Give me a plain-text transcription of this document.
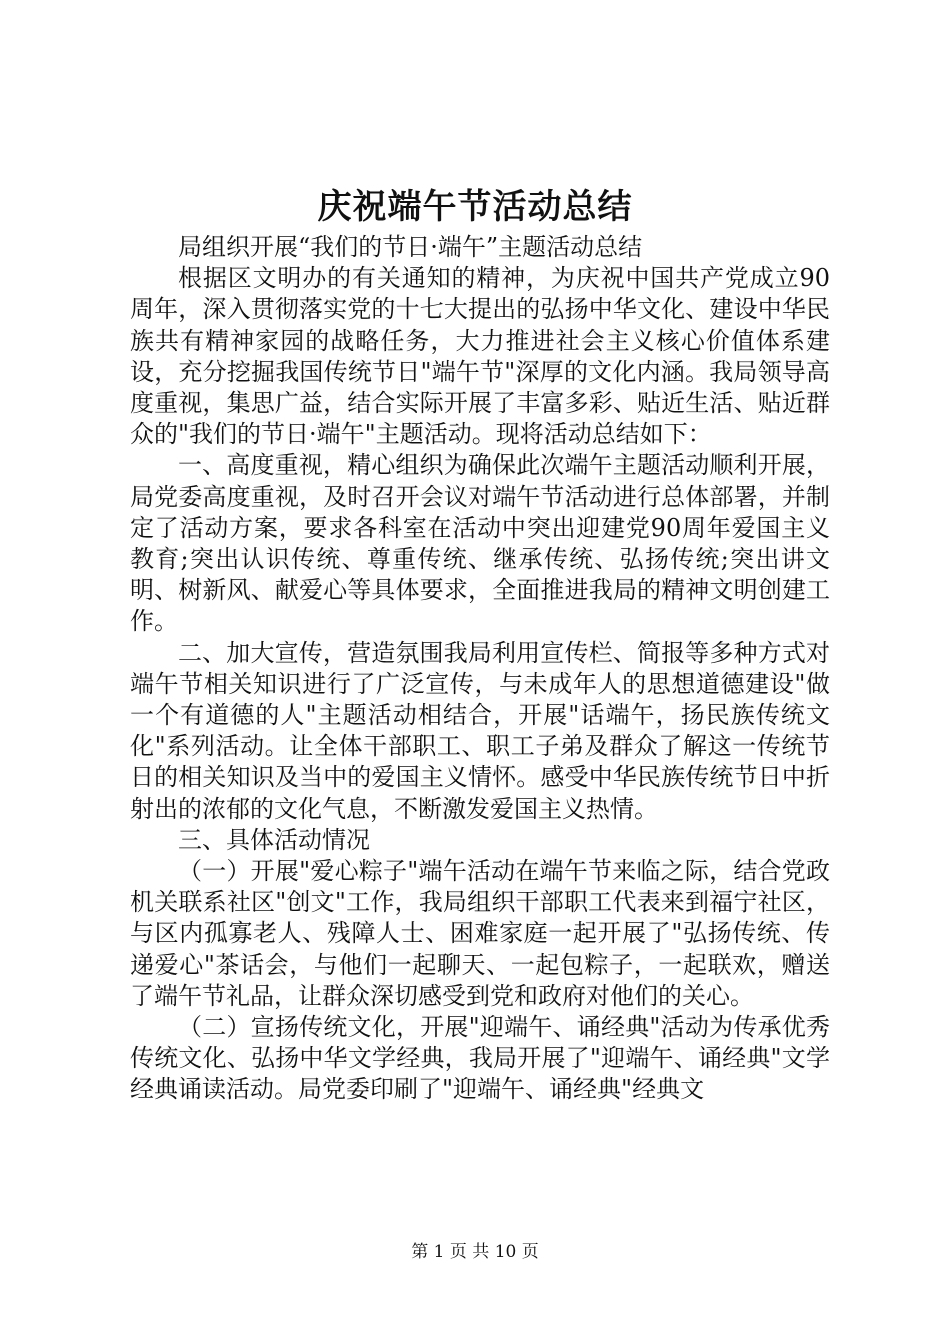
庆祝端午节活动总结

局组织开展“我们的节日·端午”主题活动总结

根据区文明办的有关通知的精神，为庆祝中国共产党成立90周年，深入贯彻落实党的十七大提出的弘扬中华文化、建设中华民族共有精神家园的战略任务，大力推进社会主义核心价值体系建设，充分挖掘我国传统节日"端午节"深厚的文化内涵。我局领导高度重视，集思广益，结合实际开展了丰富多彩、贴近生活、贴近群众的"我们的节日·端午"主题活动。现将活动总结如下：

一、高度重视，精心组织为确保此次端午主题活动顺利开展，局党委高度重视，及时召开会议对端午节活动进行总体部署，并制定了活动方案，要求各科室在活动中突出迎建党90周年爱国主义教育;突出认识传统、尊重传统、继承传统、弘扬传统;突出讲文明、树新风、献爱心等具体要求，全面推进我局的精神文明创建工作。

二、加大宣传，营造氛围我局利用宣传栏、简报等多种方式对端午节相关知识进行了广泛宣传，与未成年人的思想道德建设"做一个有道德的人"主题活动相结合，开展"话端午，扬民族传统文化"系列活动。让全体干部职工、职工子弟及群众了解这一传统节日的相关知识及当中的爱国主义情怀。感受中华民族传统节日中折射出的浓郁的文化气息，不断激发爱国主义热情。

三、具体活动情况

（一）开展"爱心粽子"端午活动在端午节来临之际，结合党政机关联系社区"创文"工作，我局组织干部职工代表来到福宁社区，与区内孤寡老人、残障人士、困难家庭一起开展了"弘扬传统、传递爱心"茶话会，与他们一起聊天、一起包粽子，一起联欢，赠送了端午节礼品，让群众深切感受到党和政府对他们的关心。

（二）宣扬传统文化，开展"迎端午、诵经典"活动为传承优秀传统文化、弘扬中华文学经典，我局开展了"迎端午、诵经典"文学经典诵读活动。局党委印刷了"迎端午、诵经典"经典文

第 1 页 共 10 页
